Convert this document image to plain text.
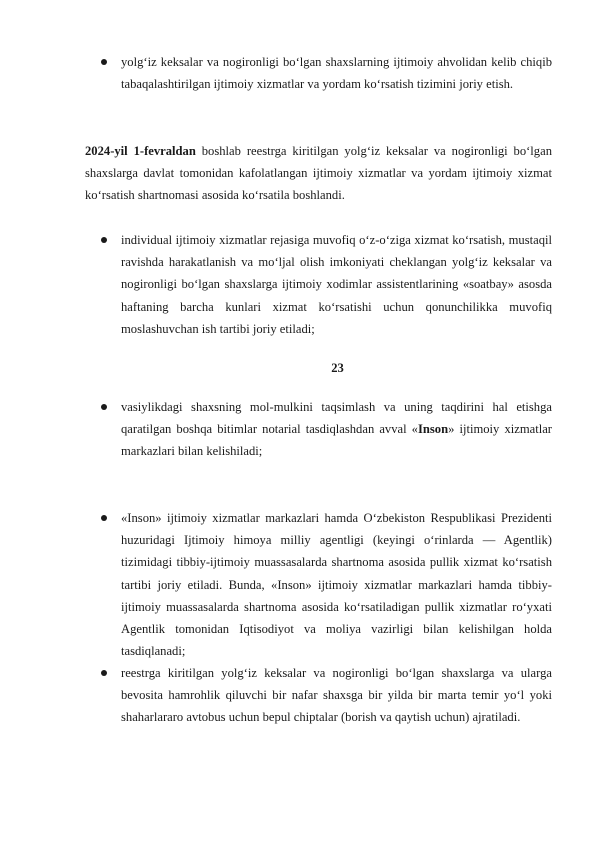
yolg‘iz keksalar va nogironligi bo‘lgan shaxslarning ijtimoiy ahvolidan kelib chiqib tabaqalashtirilgan ijtimoiy xizmatlar va yordam ko‘rsatish tizimini joriy etish.
2024-yil 1-fevraldan boshlab reestrga kiritilgan yolg‘iz keksalar va nogironligi bo‘lgan shaxslarga davlat tomonidan kafolatlangan ijtimoiy xizmatlar va yordam ijtimoiy xizmat ko‘rsatish shartnomasi asosida ko‘rsatila boshlandi.
individual ijtimoiy xizmatlar rejasiga muvofiq o‘z-o‘ziga xizmat ko‘rsatish, mustaqil ravishda harakatlanish va mo‘ljal olish imkoniyati cheklangan yolg‘iz keksalar va nogironligi bo‘lgan shaxslarga ijtimoiy xodimlar assistentlarining «soatbay» asosda haftaning barcha kunlari xizmat ko‘rsatishi uchun qonunchilikka muvofiq moslashuvchan ish tartibi joriy etiladi;
23
vasiylikdagi shaxsning mol-mulkini taqsimlash va uning taqdirini hal etishga qaratilgan boshqa bitimlar notarial tasdiqlashdan avval «Inson» ijtimoiy xizmatlar markazlari bilan kelishiladi;
«Inson» ijtimoiy xizmatlar markazlari hamda O‘zbekiston Respublikasi Prezidenti huzuridagi Ijtimoiy himoya milliy agentligi (keyingi o‘rinlarda — Agentlik) tizimidagi tibbiy-ijtimoiy muassasalarda shartnoma asosida pullik xizmat ko‘rsatish tartibi joriy etiladi. Bunda, «Inson» ijtimoiy xizmatlar markazlari hamda tibbiy-ijtimoiy muassasalarda shartnoma asosida ko‘rsatiladigan pullik xizmatlar ro‘yxati Agentlik tomonidan Iqtisodiyot va moliya vazirligi bilan kelishilgan holda tasdiqlanadi;
reestrga kiritilgan yolg‘iz keksalar va nogironligi bo‘lgan shaxslarga va ularga bevosita hamrohlik qiluvchi bir nafar shaxsga bir yilda bir marta temir yo‘l yoki shaharlararo avtobus uchun bepul chiptalar (borish va qaytish uchun) ajratiladi.
